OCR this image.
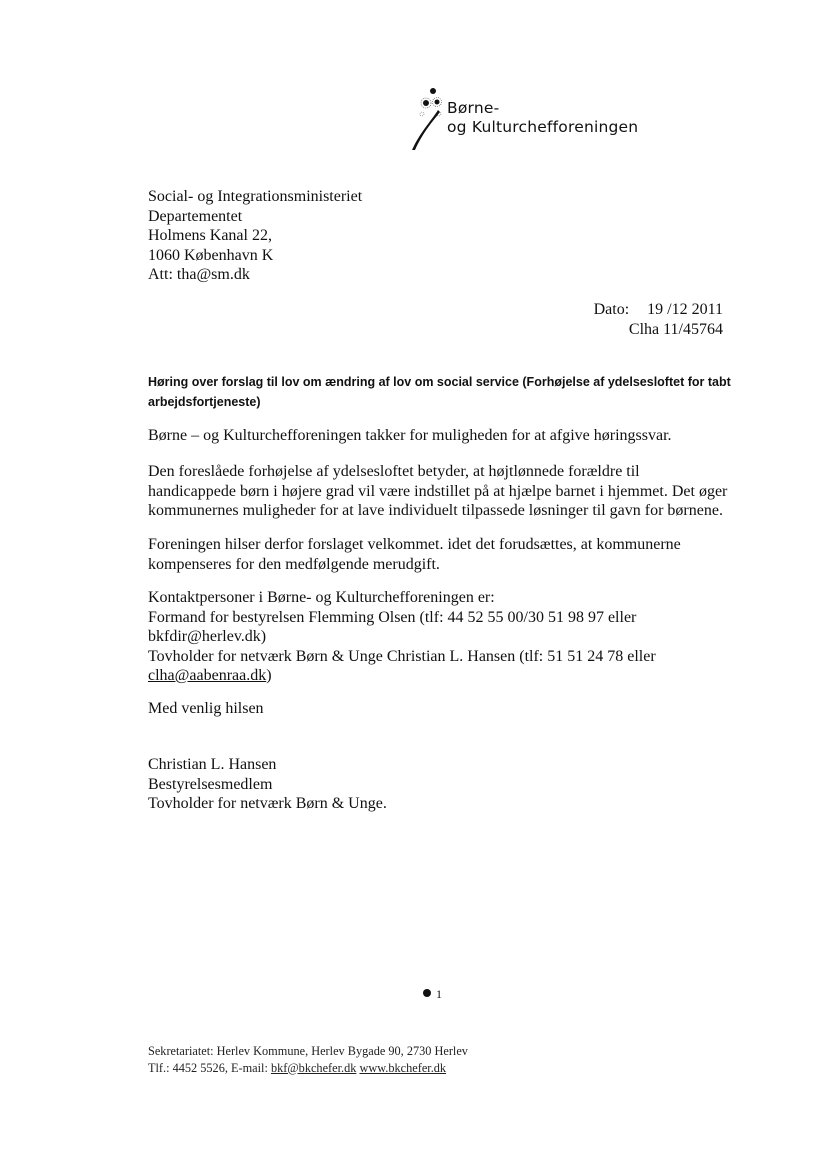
Børne-
og Kulturchefforeningen
Social- og Integrationsministeriet
Departementet
Holmens Kanal 22,
1060 København K
Att: tha@sm.dk
Dato: 19 /12 2011
Clha 11/45764
Høring over forslag til lov om ændring af lov om social service (Forhøjelse af ydelsesloftet for tabt arbejdsfortjeneste)
Børne – og Kulturchefforeningen takker for muligheden for at afgive høringssvar.
Den foreslåede forhøjelse af ydelsesloftet betyder, at højtlønnede forældre til handicappede børn i højere grad vil være indstillet på at hjælpe barnet i hjemmet. Det øger kommunernes muligheder for at lave individuelt tilpassede løsninger til gavn for børnene.
Foreningen hilser derfor forslaget velkommet. idet det forudsættes, at kommunerne kompenseres for den medfølgende merudgift.
Kontaktpersoner i Børne- og Kulturchefforeningen er:
Formand for bestyrelsen Flemming Olsen (tlf: 44 52 55 00/30 51 98 97 eller bkfdir@herlev.dk)
Tovholder for netværk Børn & Unge Christian L. Hansen (tlf: 51 51 24 78 eller
clha@aabenraa.dk)
Med venlig hilsen
Christian L. Hansen
Bestyrelsesmedlem
Tovholder for netværk Børn & Unge.
1
Sekretariatet: Herlev Kommune, Herlev Bygade 90, 2730 Herlev
Tlf.: 4452 5526, E-mail: bkf@bkchefer.dk www.bkchefer.dk
